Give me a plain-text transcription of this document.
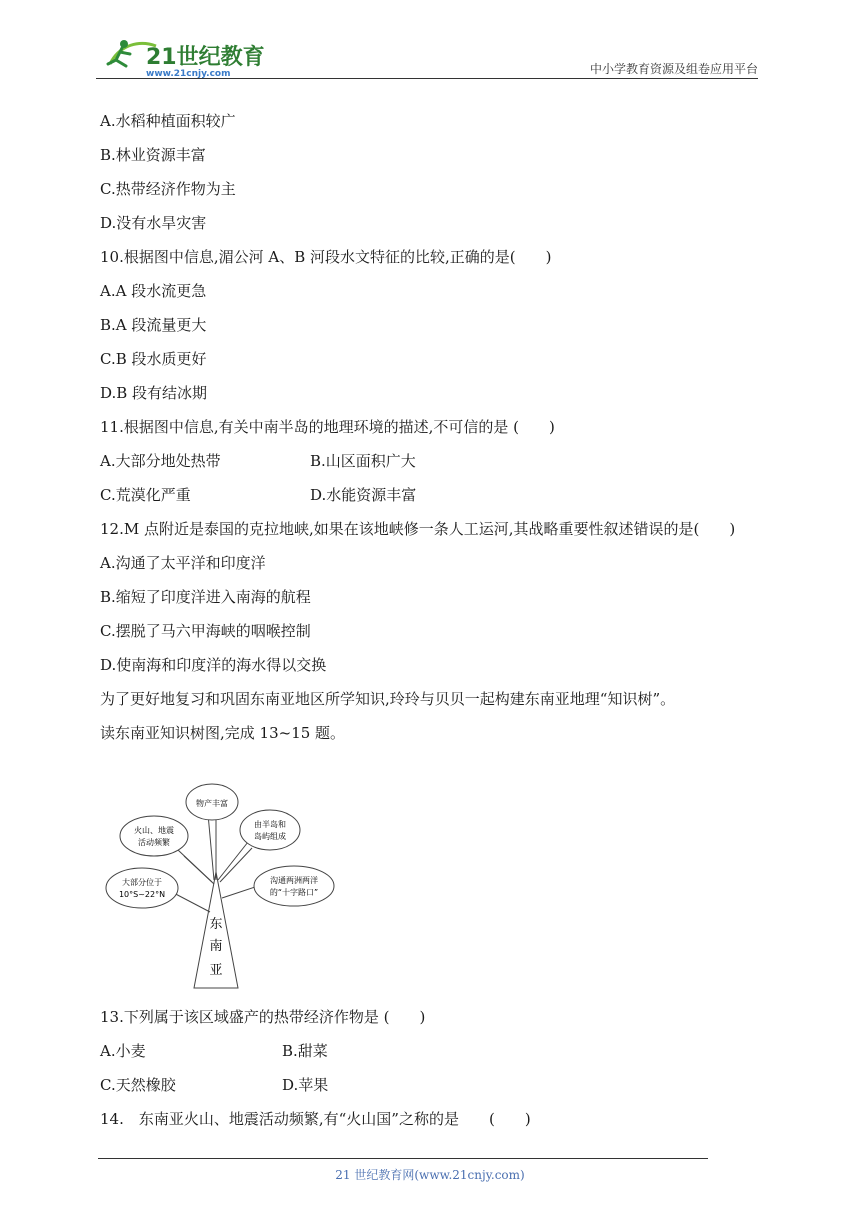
21世纪教育
www.21cnjy.com	中小学教育资源及组卷应用平台
A.水稻种植面积较广
B.林业资源丰富
C.热带经济作物为主
D.没有水旱灾害
10.根据图中信息,湄公河 A、B 河段水文特征的比较,正确的是(　　)
A.A 段水流更急
B.A 段流量更大
C.B 段水质更好
D.B 段有结冰期
11.根据图中信息,有关中南半岛的地理环境的描述,不可信的是 (　　)
A.大部分地处热带	B.山区面积广大
C.荒漠化严重	D.水能资源丰富
12.M 点附近是泰国的克拉地峡,如果在该地峡修一条人工运河,其战略重要性叙述错误的是(　　)
A.沟通了太平洋和印度洋
B.缩短了印度洋进入南海的航程
C.摆脱了马六甲海峡的咽喉控制
D.使南海和印度洋的海水得以交换
为了更好地复习和巩固东南亚地区所学知识,玲玲与贝贝一起构建东南亚地理“知识树”。
读东南亚知识树图,完成 13~15 题。
物产丰富
火山、地震
活动频繁
由半岛和
岛屿组成
大部分位于
10°S~22°N
沟通两洲两洋
的“十字路口”
东
南
亚
13.下列属于该区域盛产的热带经济作物是 (　　)
A.小麦	B.甜菜
C.天然橡胶	D.苹果
14.　东南亚火山、地震活动频繁,有“火山国”之称的是　　(　　)
21 世纪教育网(www.21cnjy.com)
